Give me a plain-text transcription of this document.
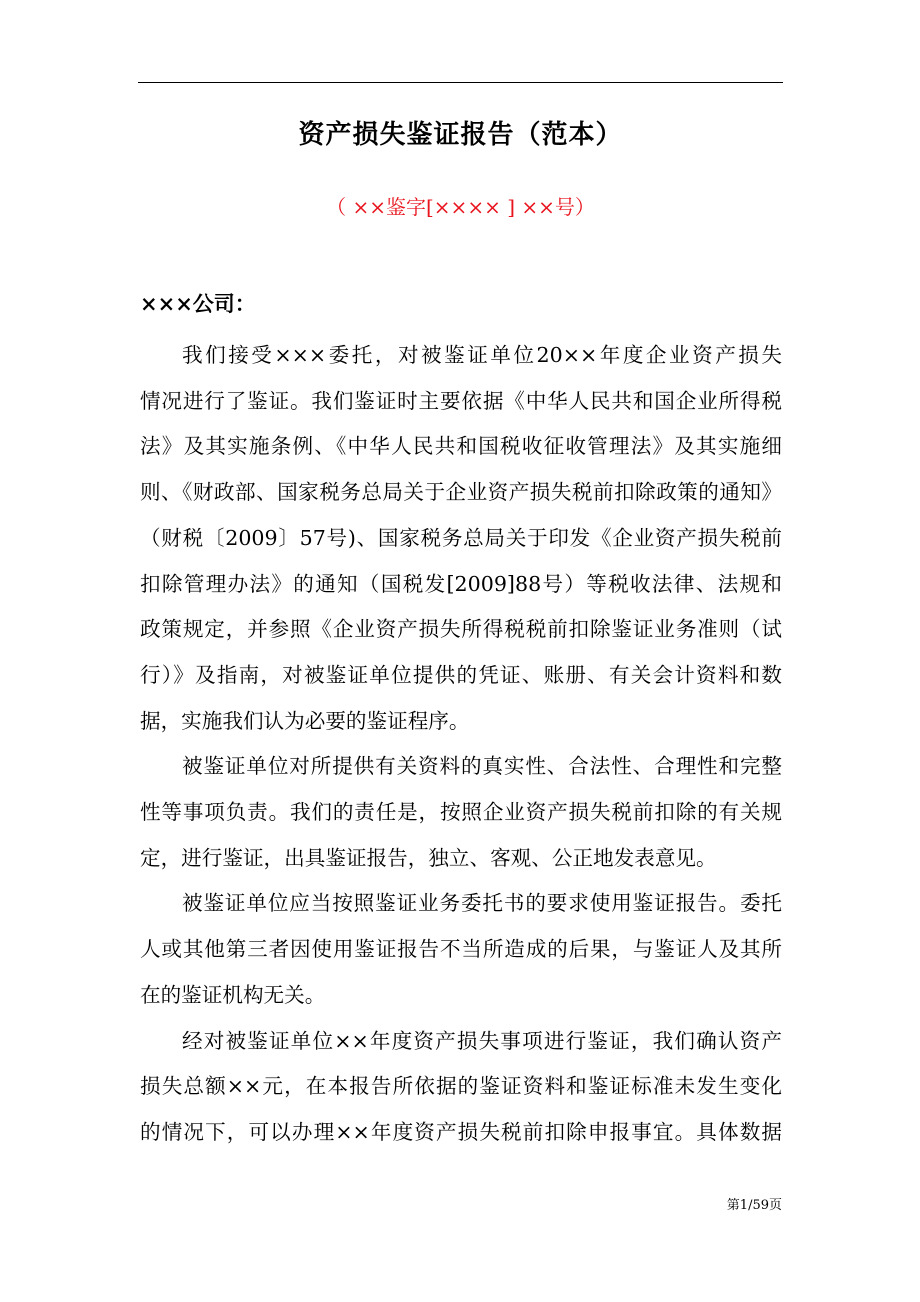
资产损失鉴证报告（范本）
（ ××鉴字[×××× ] ××号）
×××公司：
我们接受×××委托，对被鉴证单位20××年度企业资产损失
情况进行了鉴证。我们鉴证时主要依据《中华人民共和国企业所得税
法》及其实施条例、《中华人民共和国税收征收管理法》及其实施细
则、《财政部、国家税务总局关于企业资产损失税前扣除政策的通知》
（财税〔2009〕57号)、国家税务总局关于印发《企业资产损失税前
扣除管理办法》的通知（国税发[2009]88号）等税收法律、法规和
政策规定，并参照《企业资产损失所得税税前扣除鉴证业务准则（试
行）》及指南，对被鉴证单位提供的凭证、账册、有关会计资料和数
据，实施我们认为必要的鉴证程序。
被鉴证单位对所提供有关资料的真实性、合法性、合理性和完整
性等事项负责。我们的责任是，按照企业资产损失税前扣除的有关规
定，进行鉴证，出具鉴证报告，独立、客观、公正地发表意见。
被鉴证单位应当按照鉴证业务委托书的要求使用鉴证报告。委托
人或其他第三者因使用鉴证报告不当所造成的后果，与鉴证人及其所
在的鉴证机构无关。
经对被鉴证单位××年度资产损失事项进行鉴证，我们确认资产
损失总额××元，在本报告所依据的鉴证资料和鉴证标准未发生变化
的情况下，可以办理××年度资产损失税前扣除申报事宜。具体数据
第1/59页
